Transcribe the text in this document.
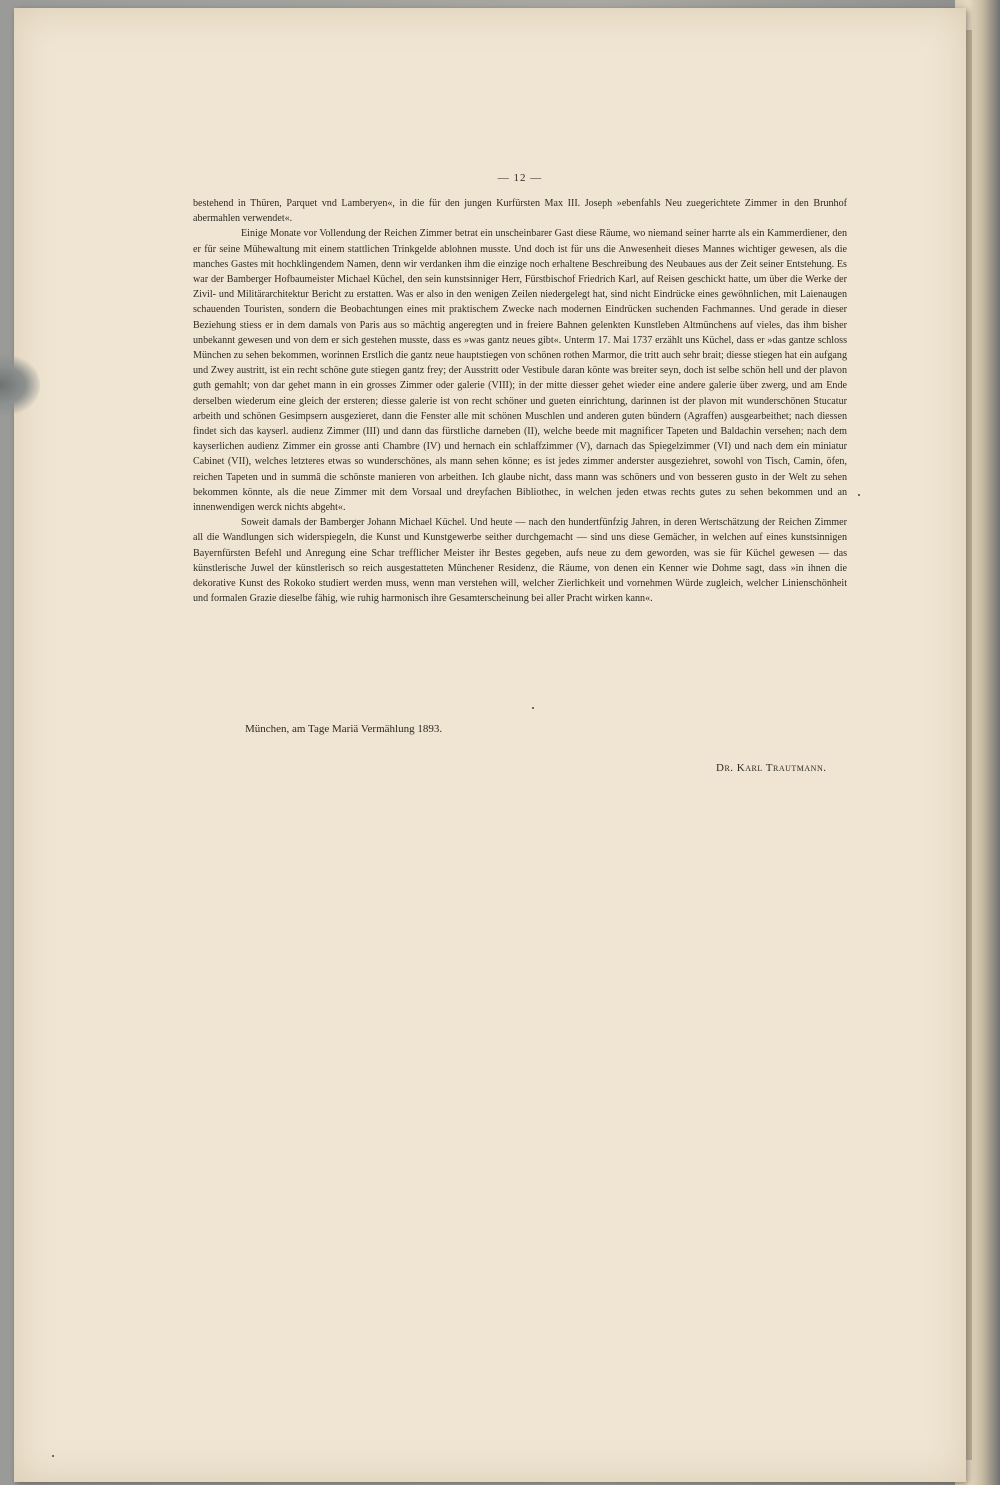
— 12 —

bestehend in Thüren, Parquet vnd Lamberyen«, in die für den jungen Kurfürsten Max III. Joseph »ebenfahls Neu zuegerichtete Zimmer in den Brunhof abermahlen verwendet«.

Einige Monate vor Vollendung der Reichen Zimmer betrat ein unscheinbarer Gast diese Räume, wo niemand seiner harrte als ein Kammerdiener, den er für seine Mühewaltung mit einem stattlichen Trinkgelde ablohnen musste. Und doch ist für uns die Anwesenheit dieses Mannes wichtiger gewesen, als die manches Gastes mit hochklingendem Namen, denn wir verdanken ihm die einzige noch erhaltene Beschreibung des Neubaues aus der Zeit seiner Entstehung. Es war der Bamberger Hofbaumeister Michael Küchel, den sein kunstsinniger Herr, Fürstbischof Friedrich Karl, auf Reisen geschickt hatte, um über die Werke der Zivil- und Militärarchitektur Bericht zu erstatten. Was er also in den wenigen Zeilen niedergelegt hat, sind nicht Eindrücke eines gewöhnlichen, mit Laienaugen schauenden Touristen, sondern die Beobachtungen eines mit praktischem Zwecke nach modernen Eindrücken suchenden Fachmannes. Und gerade in dieser Beziehung stiess er in dem damals von Paris aus so mächtig angeregten und in freiere Bahnen gelenkten Kunstleben Altmünchens auf vieles, das ihm bisher unbekannt gewesen und von dem er sich gestehen musste, dass es »was gantz neues gibt«. Unterm 17. Mai 1737 erzählt uns Küchel, dass er »das gantze schloss München zu sehen bekommen, worinnen Erstlich die gantz neue hauptstiegen von schönen rothen Marmor, die tritt auch sehr brait; diesse stiegen hat ein aufgang und Zwey austritt, ist ein recht schöne gute stiegen gantz frey; der Ausstritt oder Vestibule daran könte was breiter seyn, doch ist selbe schön hell und der plavon guth gemahlt; von dar gehet mann in ein grosses Zimmer oder galerie (VIII); in der mitte diesser gehet wieder eine andere galerie über zwerg, und am Ende derselben wiederum eine gleich der ersteren; diesse galerie ist von recht schöner und gueten einrichtung, darinnen ist der plavon mit wunderschönen Stucatur arbeith und schönen Gesimpsern ausgezieret, dann die Fenster alle mit schönen Muschlen und anderen guten bündern (Agraffen) ausgearbeithet; nach diessen findet sich das kayserl. audienz Zimmer (III) und dann das fürstliche darneben (II), welche beede mit magnificer Tapeten und Baldachin versehen; nach dem kayserlichen audienz Zimmer ein grosse anti Chambre (IV) und hernach ein schlaffzimmer (V), darnach das Spiegelzimmer (VI) und nach dem ein miniatur Cabinet (VII), welches letzteres etwas so wunderschönes, als mann sehen könne; es ist jedes zimmer anderster ausgeziehret, sowohl von Tisch, Camin, öfen, reichen Tapeten und in summâ die schönste manieren von arbeithen. Ich glaube nicht, dass mann was schöners und von besseren gusto in der Welt zu sehen bekommen könnte, als die neue Zimmer mit dem Vorsaal und dreyfachen Bibliothec, in welchen jeden etwas rechts gutes zu sehen bekommen und an innenwendigen werck nichts abgeht«.

Soweit damals der Bamberger Johann Michael Küchel. Und heute — nach den hundertfünfzig Jahren, in deren Wertschätzung der Reichen Zimmer all die Wandlungen sich widerspiegeln, die Kunst und Kunstgewerbe seither durchgemacht — sind uns diese Gemächer, in welchen auf eines kunstsinnigen Bayernfürsten Befehl und Anregung eine Schar trefflicher Meister ihr Bestes gegeben, aufs neue zu dem geworden, was sie für Küchel gewesen — das künstlerische Juwel der künstlerisch so reich ausgestatteten Münchener Residenz, die Räume, von denen ein Kenner wie Dohme sagt, dass »in ihnen die dekorative Kunst des Rokoko studiert werden muss, wenn man verstehen will, welcher Zierlichkeit und vornehmen Würde zugleich, welcher Linienschönheit und formalen Grazie dieselbe fähig, wie ruhig harmonisch ihre Gesamterscheinung bei aller Pracht wirken kann«.

München, am Tage Mariä Vermählung 1893.
Dr. Karl Trautmann.
